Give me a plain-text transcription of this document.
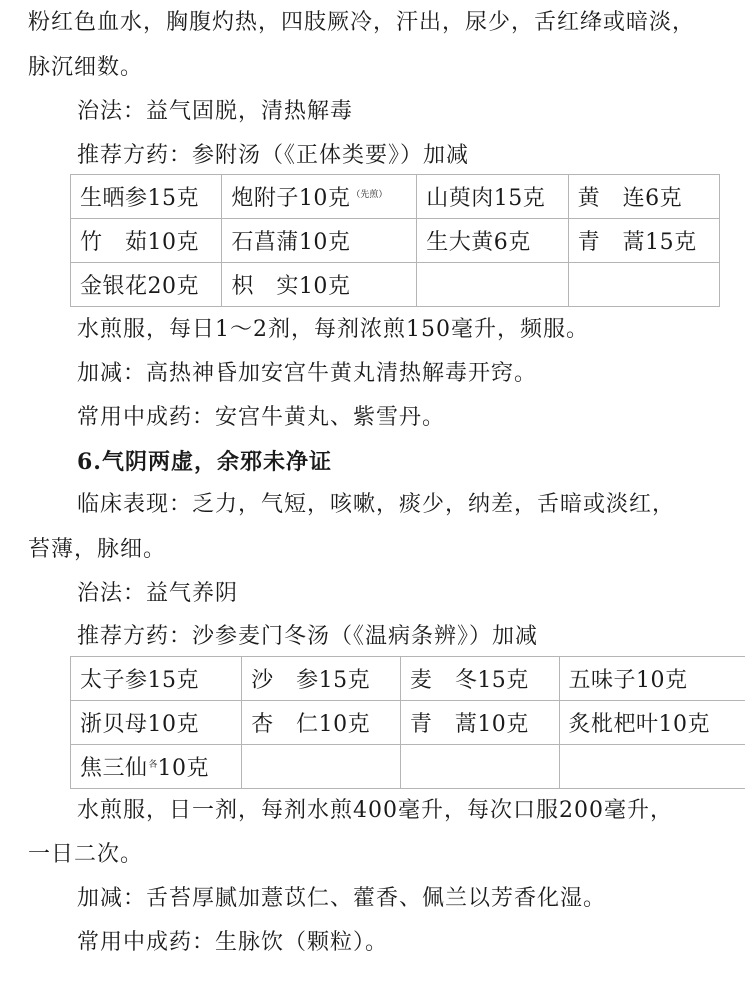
粉红色血水，胸腹灼热，四肢厥冷，汗出，尿少，舌红绛或暗淡，
脉沉细数。
治法：益气固脱，清热解毒
推荐方药：参附汤（《正体类要》）加减
生晒参15克	炮附子10克$^{(先煎)}$	山萸肉15克	黄　连6克
竹　茹10克	石菖蒲10克	生大黄6克	青　蒿15克
金银花20克	枳　实10克		
水煎服，每日1～2剂，每剂浓煎150毫升，频服。
加减：高热神昏加安宫牛黄丸清热解毒开窍。
常用中成药：安宫牛黄丸、紫雪丹。
6.气阴两虚，余邪未净证
临床表现：乏力，气短，咳嗽，痰少，纳差，舌暗或淡红，
苔薄，脉细。
治法：益气养阴
推荐方药：沙参麦门冬汤（《温病条辨》）加减
太子参15克	沙　参15克	麦　冬15克	五味子10克
浙贝母10克	杏　仁10克	青　蒿10克	炙枇杷叶10克
焦三仙$^各$10克			
水煎服，日一剂，每剂水煎400毫升，每次口服200毫升，
一日二次。
加减：舌苔厚腻加薏苡仁、藿香、佩兰以芳香化湿。
常用中成药：生脉饮（颗粒）。
